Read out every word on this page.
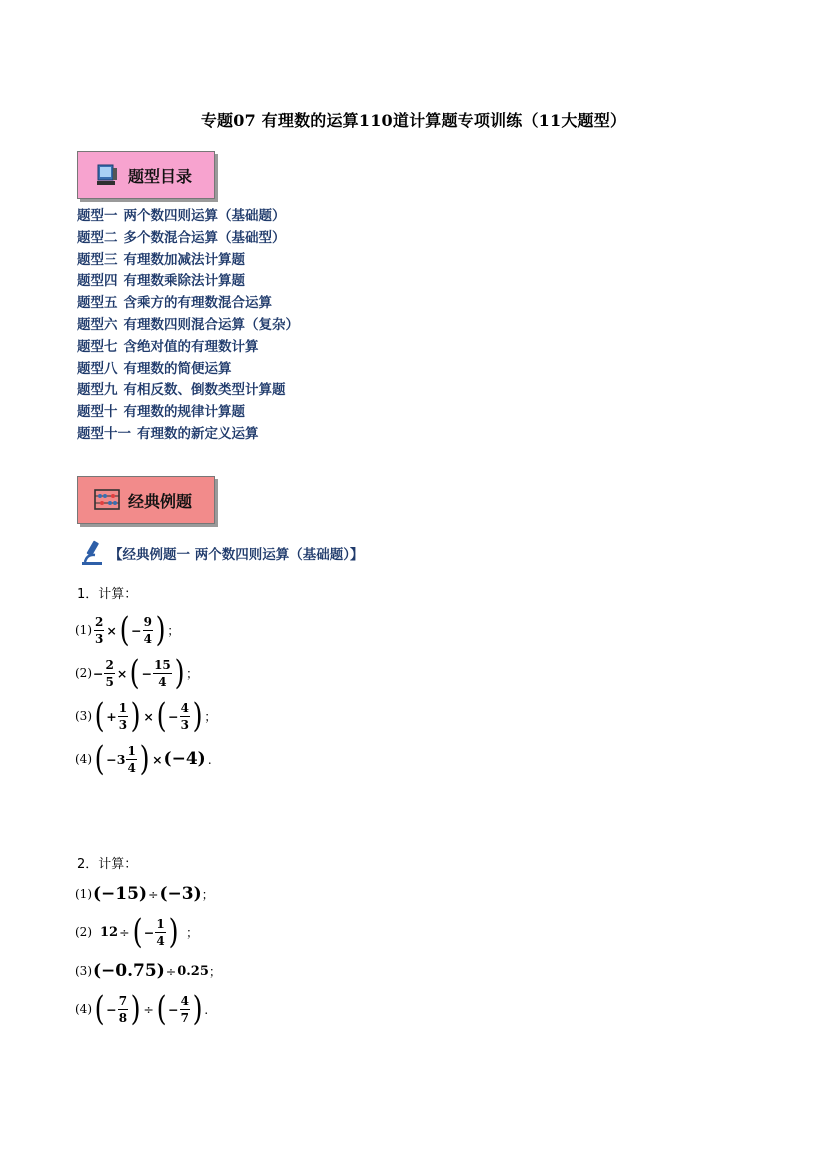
专题07 有理数的运算110道计算题专项训练（11大题型）
题型目录
题型一 两个数四则运算（基础题）
题型二 多个数混合运算（基础型）
题型三 有理数加减法计算题
题型四 有理数乘除法计算题
题型五 含乘方的有理数混合运算
题型六 有理数四则混合运算（复杂）
题型七 含绝对值的有理数计算
题型八 有理数的简便运算
题型九 有相反数、倒数类型计算题
题型十 有理数的规律计算题
题型十一 有理数的新定义运算
经典例题
【经典例题一 两个数四则运算（基础题）】
1．计算：
$(1) \frac{2}{3}$ × ( − $\frac{9}{4}$ ) ；
$(2) - \frac{2}{5}$ × ( − $\frac{15}{4}$ ) ；
(3) ( + $\frac{1}{3}$ ) × ( − $\frac{4}{3}$ ) ；
(4) ( $-3 \frac{1}{4}$ ) × (−4) .
2．计算：
(1) (−15) ÷ (−3) ；
(2) 12 ÷ ( − $\frac{1}{4}$ ) ；
(3) (−0.75) ÷ 0.25 ；
(4) ( − $\frac{7}{8}$ ) ÷ ( − $\frac{4}{7}$ ) .
